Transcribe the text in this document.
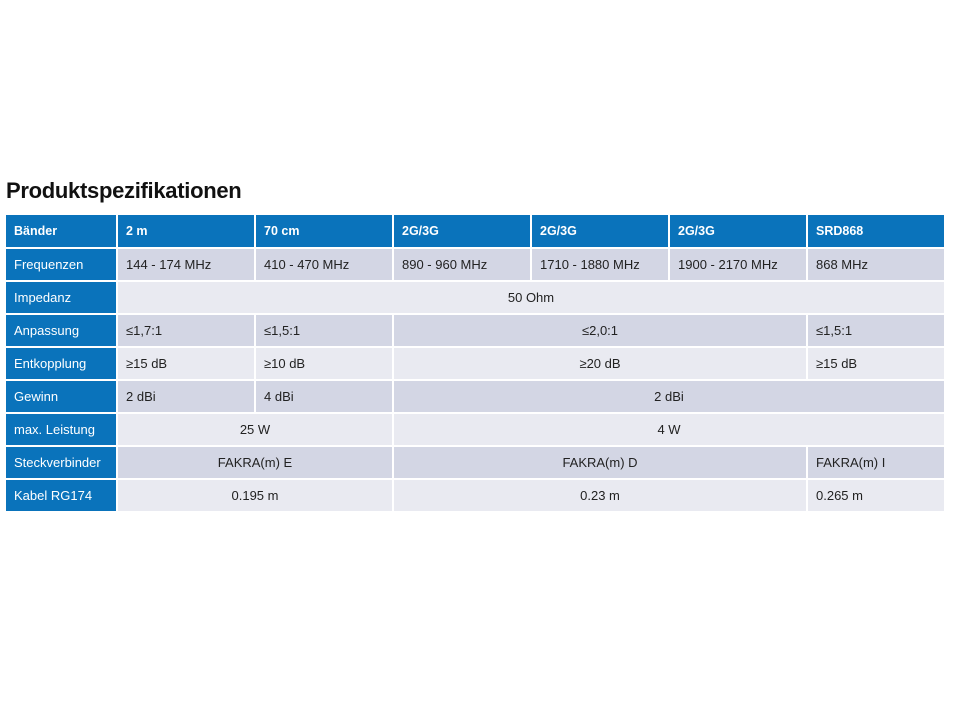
Produktspezifikationen
Bänder	2 m	70 cm	2G/3G	2G/3G	2G/3G	SRD868
Frequenzen	144 - 174 MHz	410 - 470 MHz	890 - 960 MHz	1710 - 1880 MHz	1900 - 2170 MHz	868 MHz
Impedanz	50 Ohm					
Anpassung	≤1,7:1	≤1,5:1	≤2,0:1			≤1,5:1
Entkopplung	≥15 dB	≥10 dB	≥20 dB			≥15 dB
Gewinn	2 dBi	4 dBi	2 dBi			
max. Leistung	25 W		4 W			
Steckverbinder	FAKRA(m) E		FAKRA(m) D			FAKRA(m) I
Kabel RG174	0.195 m		0.23 m			0.265 m
